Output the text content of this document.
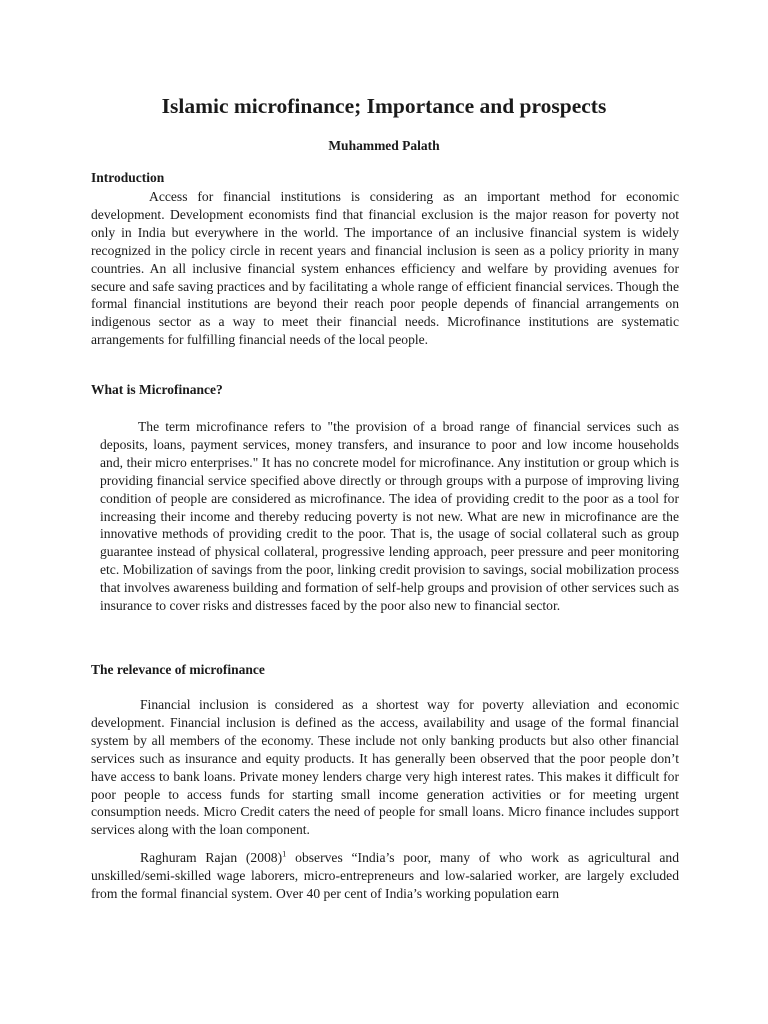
Islamic microfinance; Importance and prospects

Muhammed Palath

Introduction

Access for financial institutions is considering as an important method for economic development. Development economists find that financial exclusion is the major reason for poverty not only in India but everywhere in the world. The importance of an inclusive financial system is widely recognized in the policy circle in recent years and financial inclusion is seen as a policy priority in many countries. An all inclusive financial system enhances efficiency and welfare by providing avenues for secure and safe saving practices and by facilitating a whole range of efficient financial services. Though the formal financial institutions are beyond their reach poor people depends of financial arrangements on indigenous sector as a way to meet their financial needs. Microfinance institutions are systematic arrangements for fulfilling financial needs of the local people.

What is Microfinance?

The term microfinance refers to "the provision of a broad range of financial services such as deposits, loans, payment services, money transfers, and insurance to poor and low income households and, their micro enterprises." It has no concrete model for microfinance. Any institution or group which is providing financial service specified above directly or through groups with a purpose of improving living condition of people are considered as microfinance. The idea of providing credit to the poor as a tool for increasing their income and thereby reducing poverty is not new. What are new in microfinance are the innovative methods of providing credit to the poor. That is, the usage of social collateral such as group guarantee instead of physical collateral, progressive lending approach, peer pressure and peer monitoring etc. Mobilization of savings from the poor, linking credit provision to savings, social mobilization process that involves awareness building and formation of self-help groups and provision of other services such as insurance to cover risks and distresses faced by the poor also new to financial sector.

The relevance of microfinance

Financial inclusion is considered as a shortest way for poverty alleviation and economic development. Financial inclusion is defined as the access, availability and usage of the formal financial system by all members of the economy. These include not only banking products but also other financial services such as insurance and equity products. It has generally been observed that the poor people don’t have access to bank loans. Private money lenders charge very high interest rates. This makes it difficult for poor people to access funds for starting small income generation activities or for meeting urgent consumption needs. Micro Credit caters the need of people for small loans. Micro finance includes support services along with the loan component.

Raghuram Rajan $(2008)^1$ observes “India’s poor, many of who work as agricultural and unskilled/semi-skilled wage laborers, micro-entrepreneurs and low-salaried worker, are largely excluded from the formal financial system. Over 40 per cent of India’s working population earn
